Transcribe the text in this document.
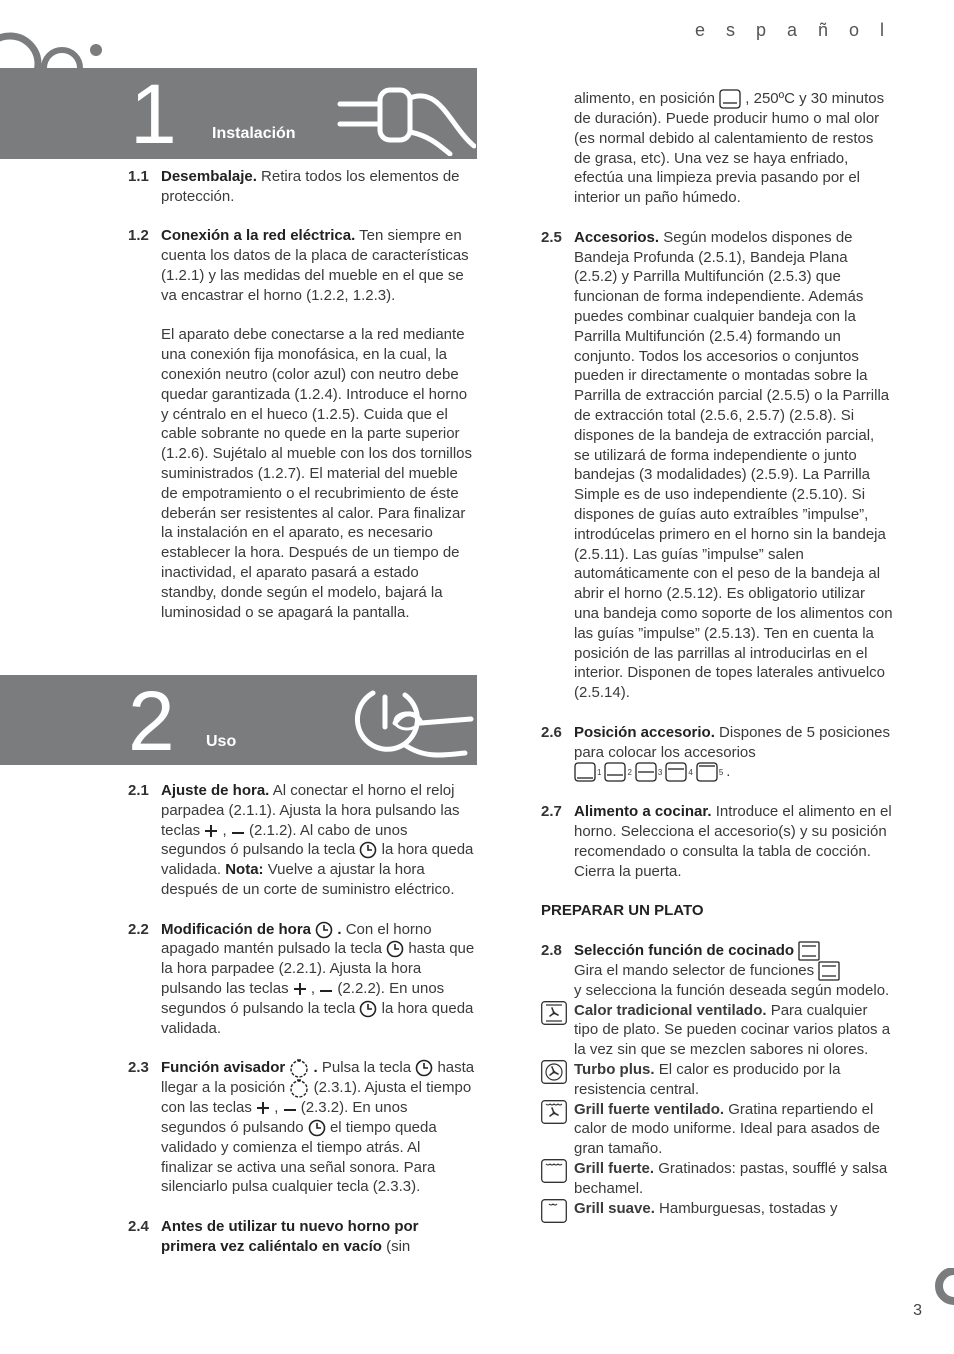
e s p a ñ o l
1 Instalación
2 Uso
1.1 Desembalaje. Retira todos los elementos de protección.

1.2 Conexión a la red eléctrica. Ten siempre en cuenta los datos de la placa de características (1.2.1) y las medidas del mueble en el que se va encastrar el horno (1.2.2, 1.2.3).

El aparato debe conectarse a la red mediante una conexión fija monofásica, en la cual, la conexión neutro (color azul) con neutro debe quedar garantizada (1.2.4). Introduce el horno y céntralo en el hueco (1.2.5). Cuida que el cable sobrante no quede en la parte superior (1.2.6). Sujétalo al mueble con los dos tornillos suministrados (1.2.7). El material del mueble de empotramiento o el recubrimiento de éste deberán ser resistentes al calor. Para finalizar la instalación en el aparato, es necesario establecer la hora. Después de un tiempo de inactividad, el aparato pasará a estado standby, donde según el modelo, bajará la luminosidad o se apagará la pantalla.

2.1 Ajuste de hora. Al conectar el horno el reloj parpadea (2.1.1). Ajusta la hora pulsando las teclas  ,  (2.1.2). Al cabo de unos segundos ó pulsando la tecla  la hora queda validada. Nota: Vuelve a ajustar la hora después de un corte de suministro eléctrico.

2.2 Modificación de hora  . Con el horno apagado mantén pulsado la tecla  hasta que la hora parpadee (2.2.1). Ajusta la hora pulsando las teclas  ,  (2.2.2). En unos segundos ó pulsando la tecla  la hora queda validada.

2.3 Función avisador  . Pulsa la tecla  hasta llegar a la posición  (2.3.1). Ajusta el tiempo con las teclas  ,  (2.3.2). En unos segundos ó pulsando  el tiempo queda validado y comienza el tiempo atrás. Al finalizar se activa una señal sonora. Para silenciarlo pulsa cualquier tecla (2.3.3).

2.4 Antes de utilizar tu nuevo horno por primera vez caliéntalo en vacío (sin

alimento, en posición  , 250ºC y 30 minutos de duración). Puede producir humo o mal olor (es normal debido al calentamiento de restos de grasa, etc). Una vez se haya enfriado, efectúa una limpieza previa pasando por el interior un paño húmedo.

2.5 Accesorios. Según modelos dispones de Bandeja Profunda (2.5.1), Bandeja Plana (2.5.2) y Parrilla Multifunción (2.5.3) que funcionan de forma independiente. Además puedes combinar cualquier bandeja con la Parrilla Multifunción (2.5.4) formando un conjunto. Todos los accesorios o conjuntos pueden ir directamente o montadas sobre la Parrilla de extracción parcial (2.5.5) o la Parrilla de extracción total (2.5.6, 2.5.7) (2.5.8). Si dispones de la bandeja de extracción parcial, se utilizará de forma independiente o junto bandejas (3 modalidades) (2.5.9). La Parrilla Simple es de uso independiente (2.5.10). Si dispones de guías auto extraíbles ”impulse”, introdúcelas primero en el horno sin la bandeja (2.5.11). Las guías ”impulse” salen automáticamente con el peso de la bandeja al abrir el horno (2.5.12). Es obligatorio utilizar una bandeja como soporte de los alimentos con las guías ”impulse” (2.5.13). Ten en cuenta la posición de las parrillas al introducirlas en el interior. Disponen de topes laterales antivuelco (2.5.14).

2.6 Posición accesorio. Dispones de 5 posiciones para colocar los accesorios

1	2	3	4	5 .

2.7 Alimento a cocinar. Introduce el alimento en el horno. Selecciona el accesorio(s) y su posición recomendado o consulta la tabla de cocción. Cierra la puerta.

PREPARAR UN PLATO

2.8 Selección función de cocinado

Gira el mando selector de funciones

y selecciona la función deseada según modelo.

Calor tradicional ventilado. Para cualquier tipo de plato. Se pueden cocinar varios platos a la vez sin que se mezclen sabores ni olores.

Turbo plus. El calor es producido por la resistencia central.

Grill fuerte ventilado. Gratina repartiendo el calor de modo uniforme. Ideal para asados de gran tamaño.

Grill fuerte. Gratinados: pastas, soufflé y salsa bechamel.

Grill suave. Hamburguesas, tostadas y

3
